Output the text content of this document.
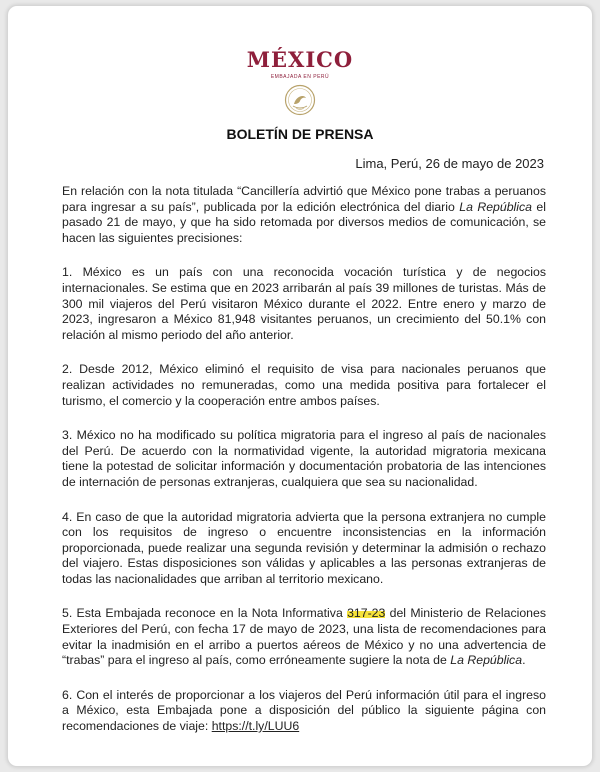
MÉXICO
EMBAJADA EN PERÚ
BOLETÍN DE PRENSA
Lima, Perú, 26 de mayo de 2023

En relación con la nota titulada “Cancillería advirtió que México pone trabas a peruanos para ingresar a su país”, publicada por la edición electrónica del diario La República el pasado 21 de mayo, y que ha sido retomada por diversos medios de comunicación, se hacen las siguientes precisiones:

1. México es un país con una reconocida vocación turística y de negocios internacionales. Se estima que en 2023 arribarán al país 39 millones de turistas. Más de 300 mil viajeros del Perú visitaron México durante el 2022. Entre enero y marzo de 2023, ingresaron a México 81,948 visitantes peruanos, un crecimiento del 50.1% con relación al mismo periodo del año anterior.

2. Desde 2012, México eliminó el requisito de visa para nacionales peruanos que realizan actividades no remuneradas, como una medida positiva para fortalecer el turismo, el comercio y la cooperación entre ambos países.

3. México no ha modificado su política migratoria para el ingreso al país de nacionales del Perú. De acuerdo con la normatividad vigente, la autoridad migratoria mexicana tiene la potestad de solicitar información y documentación probatoria de las intenciones de internación de personas extranjeras, cualquiera que sea su nacionalidad.

4. En caso de que la autoridad migratoria advierta que la persona extranjera no cumple con los requisitos de ingreso o encuentre inconsistencias en la información proporcionada, puede realizar una segunda revisión y determinar la admisión o rechazo del viajero. Estas disposiciones son válidas y aplicables a las personas extranjeras de todas las nacionalidades que arriban al territorio mexicano.

5. Esta Embajada reconoce en la Nota Informativa 317-23 del Ministerio de Relaciones Exteriores del Perú, con fecha 17 de mayo de 2023, una lista de recomendaciones para evitar la inadmisión en el arribo a puertos aéreos de México y no una advertencia de “trabas” para el ingreso al país, como erróneamente sugiere la nota de La República.

6. Con el interés de proporcionar a los viajeros del Perú información útil para el ingreso a México, esta Embajada pone a disposición del público la siguiente página con recomendaciones de viaje: https://t.ly/LUU6
